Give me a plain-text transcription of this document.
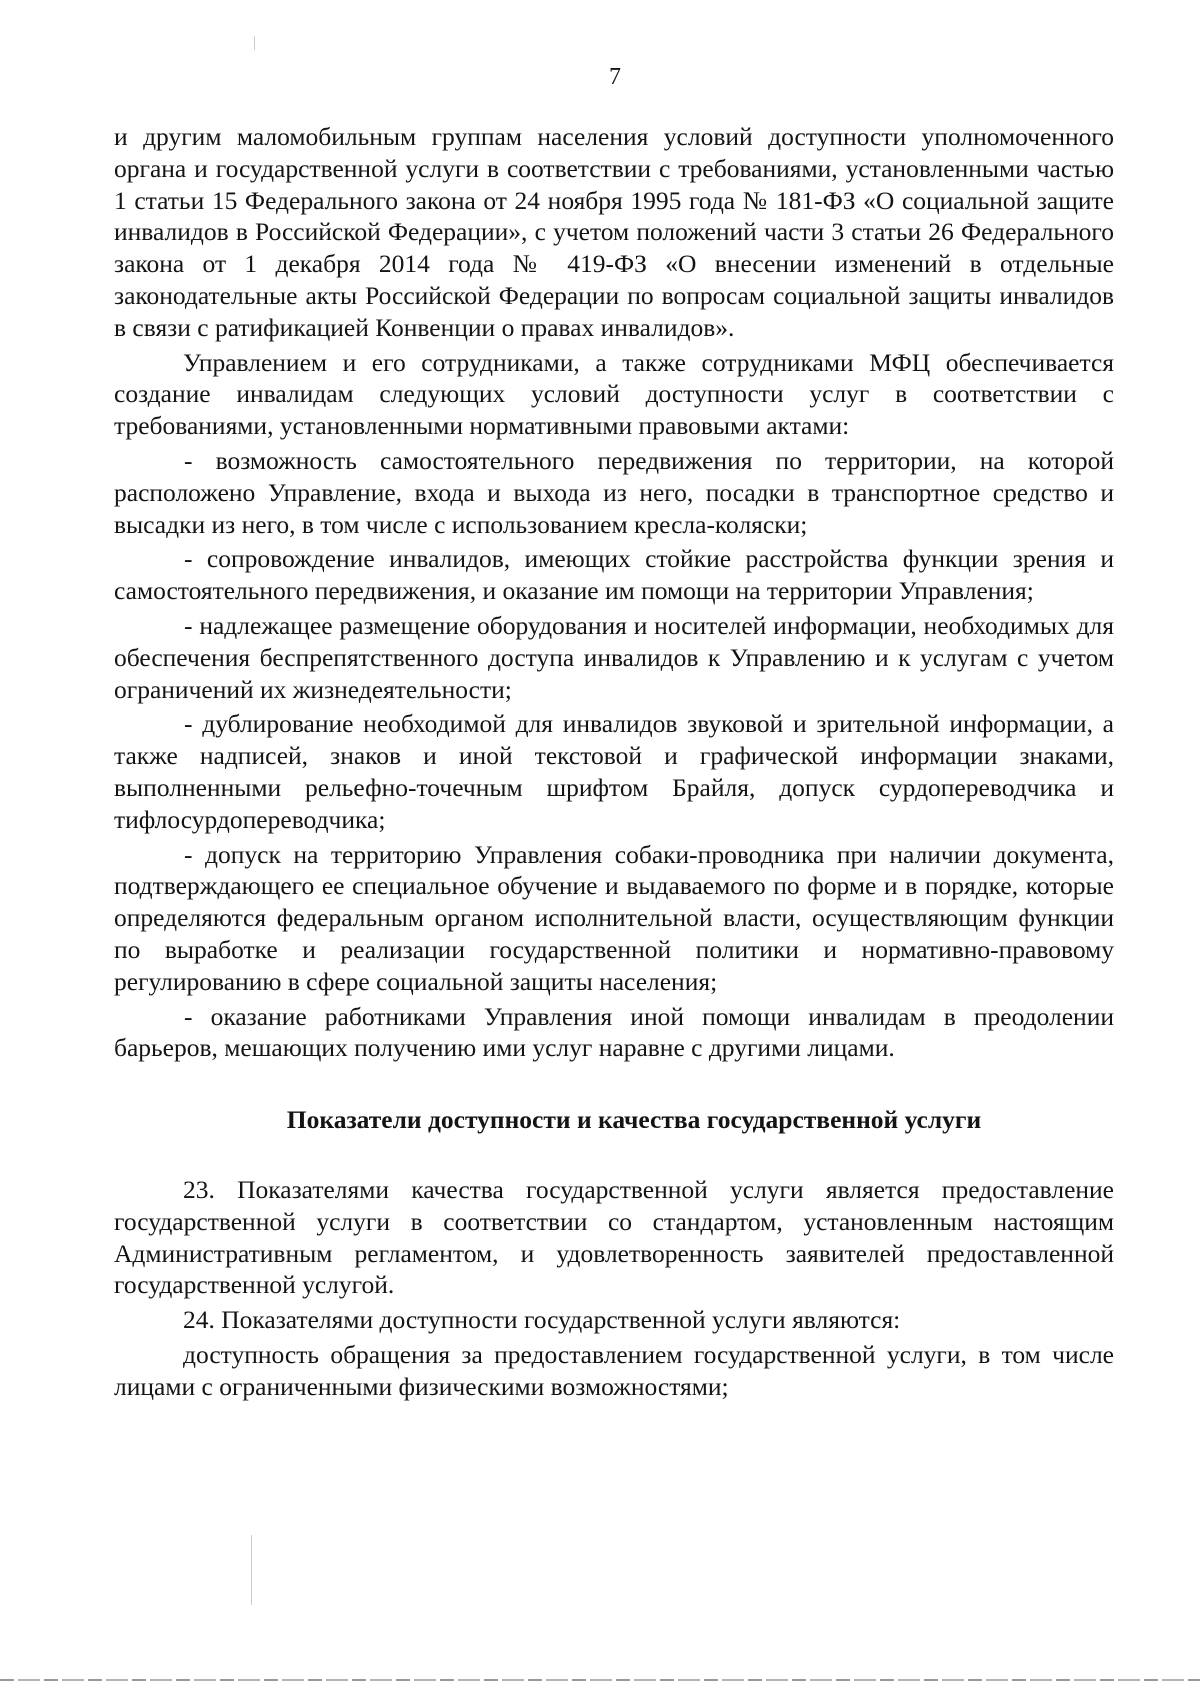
7

и другим маломобильным группам населения условий доступности уполномоченного органа и государственной услуги в соответствии с требованиями, установленными частью 1 статьи 15 Федерального закона от 24 ноября 1995 года № 181-ФЗ «О социальной защите инвалидов в Российской Федерации», с учетом положений части 3 статьи 26 Федерального закона от 1 декабря 2014 года № 419-ФЗ «О внесении изменений в отдельные законодательные акты Российской Федерации по вопросам социальной защиты инвалидов в связи с ратификацией Конвенции о правах инвалидов».

Управлением и его сотрудниками, а также сотрудниками МФЦ обеспечивается создание инвалидам следующих условий доступности услуг в соответствии с требованиями, установленными нормативными правовыми актами:

- возможность самостоятельного передвижения по территории, на которой расположено Управление, входа и выхода из него, посадки в транспортное средство и высадки из него, в том числе с использованием кресла-коляски;

- сопровождение инвалидов, имеющих стойкие расстройства функции зрения и самостоятельного передвижения, и оказание им помощи на территории Управления;

- надлежащее размещение оборудования и носителей информации, необходимых для обеспечения беспрепятственного доступа инвалидов к Управлению и к услугам с учетом ограничений их жизнедеятельности;

- дублирование необходимой для инвалидов звуковой и зрительной информации, а также надписей, знаков и иной текстовой и графической информации знаками, выполненными рельефно-точечным шрифтом Брайля, допуск сурдопереводчика и тифлосурдопереводчика;

- допуск на территорию Управления собаки-проводника при наличии документа, подтверждающего ее специальное обучение и выдаваемого по форме и в порядке, которые определяются федеральным органом исполнительной власти, осуществляющим функции по выработке и реализации государственной политики и нормативно-правовому регулированию в сфере социальной защиты населения;

- оказание работниками Управления иной помощи инвалидам в преодолении барьеров, мешающих получению ими услуг наравне с другими лицами.

Показатели доступности и качества государственной услуги

23. Показателями качества государственной услуги является предоставление государственной услуги в соответствии со стандартом, установленным настоящим Административным регламентом, и удовлетворенность заявителей предоставленной государственной услугой.

24. Показателями доступности государственной услуги являются:

доступность обращения за предоставлением государственной услуги, в том числе лицами с ограниченными физическими возможностями;
